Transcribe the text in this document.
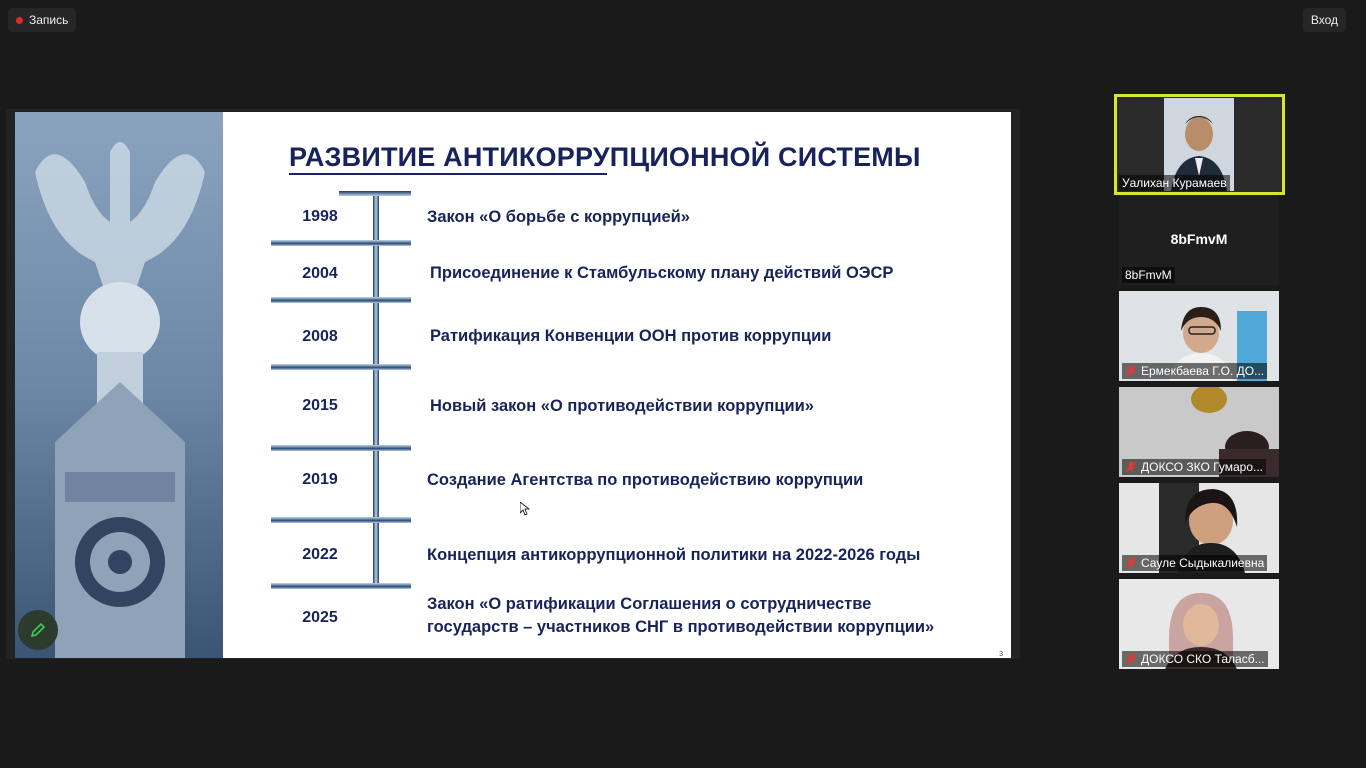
Запись	Вход
РАЗВИТИЕ АНТИКОРРУПЦИОННОЙ СИСТЕМЫ
1998	Закон «О борьбе с коррупцией»
2004	Присоединение к Стамбульскому плану действий ОЭСР
2008	Ратификация Конвенции ООН против коррупции
2015	Новый закон «О противодействии коррупции»
2019	Создание Агентства по противодействию коррупции
2022	Концепция антикоррупционной политики на 2022-2026 годы
2025
Закон «О ратификации Соглашения о сотрудничестве
государств – участников СНГ в противодействии коррупции»
3
Уалихан Курамаев
8bFmvM
8bFmvM
Ермекбаева Г.О. ДО...
ДОКСО ЗКО Гумаро...
Сауле Сыдыкалиевна
ДОКСО СКО Таласб...
